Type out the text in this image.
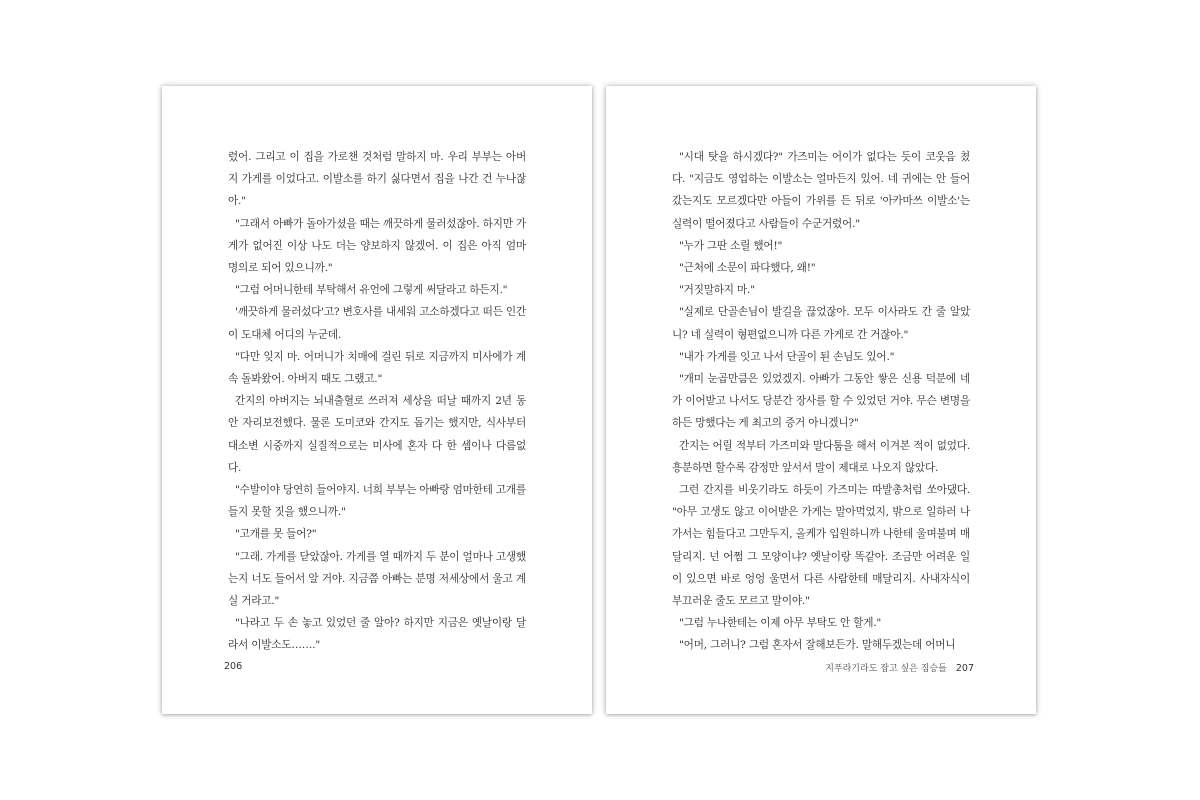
렸어. 그리고 이 집을 가로챈 것처럼 말하지 마. 우리 부부는 아버지 가게를 이었다고. 이발소를 하기 싫다면서 집을 나간 건 누나잖아."

"그래서 아빠가 돌아가셨을 때는 깨끗하게 물러섰잖아. 하지만 가게가 없어진 이상 나도 더는 양보하지 않겠어. 이 집은 아직 엄마 명의로 되어 있으니까."

"그럼 어머니한테 부탁해서 유언에 그렇게 써달라고 하든지."

'깨끗하게 물러섰다'고? 변호사를 내세워 고소하겠다고 떠든 인간이 도대체 어디의 누군데.

"다만 잊지 마. 어머니가 치매에 걸린 뒤로 지금까지 미사에가 계속 돌봐왔어. 아버지 때도 그랬고."

간지의 아버지는 뇌내출혈로 쓰러져 세상을 떠날 때까지 2년 동안 자리보전했다. 물론 도미코와 간지도 돕기는 했지만, 식사부터 대소변 시중까지 실질적으로는 미사에 혼자 다 한 셈이나 다름없다.

"수발이야 당연히 들어야지. 너희 부부는 아빠랑 엄마한테 고개를 들지 못할 짓을 했으니까."

"고개를 못 들어?"

"그래. 가게를 닫았잖아. 가게를 열 때까지 두 분이 얼마나 고생했는지 너도 들어서 알 거야. 지금쯤 아빠는 분명 저세상에서 울고 계실 거라고."

"나라고 두 손 놓고 있었던 줄 알아? 하지만 지금은 옛날이랑 달라서 이발소도……."

206

"시대 탓을 하시겠다?" 가즈미는 어이가 없다는 듯이 코웃음 쳤다. "지금도 영업하는 이발소는 얼마든지 있어. 네 귀에는 안 들어갔는지도 모르겠다만 아들이 가위를 든 뒤로 '아카마쓰 이발소'는 실력이 떨어졌다고 사람들이 수군거렸어."

"누가 그딴 소릴 했어!"

"근처에 소문이 파다했다, 왜!"

"거짓말하지 마."

"실제로 단골손님이 발길을 끊었잖아. 모두 이사라도 간 줄 알았니? 네 실력이 형편없으니까 다른 가게로 간 거잖아."

"내가 가게를 잇고 나서 단골이 된 손님도 있어."

"개미 눈곱만큼은 있었겠지. 아빠가 그동안 쌓은 신용 덕분에 네가 이어받고 나서도 당분간 장사를 할 수 있었던 거야. 무슨 변명을 하든 망했다는 게 최고의 증거 아니겠니?"

간지는 어릴 적부터 가즈미와 말다툼을 해서 이겨본 적이 없었다. 흥분하면 할수록 감정만 앞서서 말이 제대로 나오지 않았다.

그런 간지를 비웃기라도 하듯이 가즈미는 따발총처럼 쏘아댔다. "아무 고생도 않고 이어받은 가게는 말아먹었지, 밖으로 일하러 나가서는 힘들다고 그만두지, 올케가 입원하니까 나한테 울며불며 매달리지. 넌 어쩜 그 모양이냐? 옛날이랑 똑같아. 조금만 어려운 일이 있으면 바로 엉엉 울면서 다른 사람한테 매달리지. 사내자식이 부끄러운 줄도 모르고 말이야."

"그럼 누나한테는 이제 아무 부탁도 안 할게."

"어머, 그러니? 그럼 혼자서 잘해보든가. 말해두겠는데 어머니

지푸라기라도 잡고 싶은 짐승들 207
